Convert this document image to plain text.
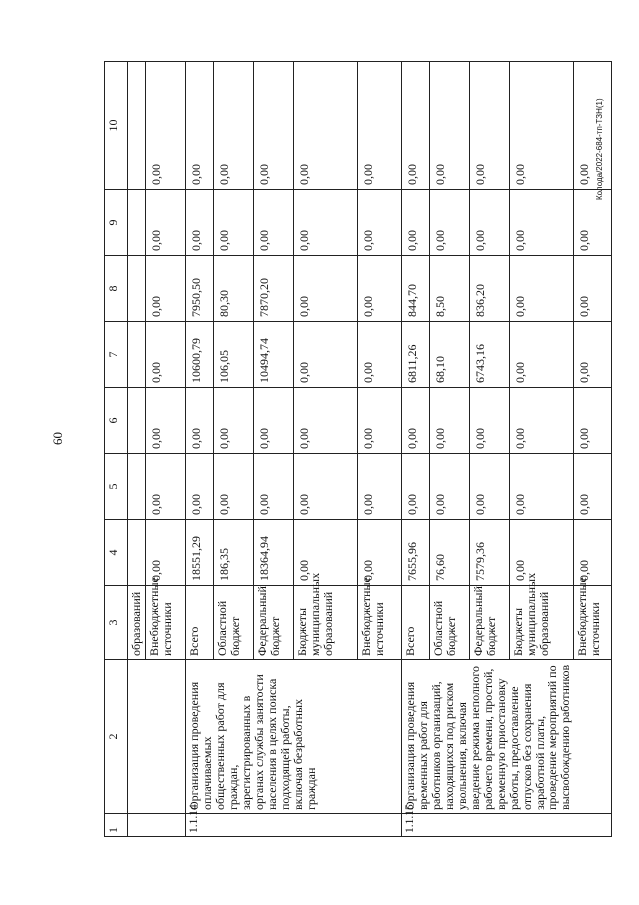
60
Колода/2022-684-тп-ТЗН(1)
1	2	3	4	5	6	7	8	9	10
		образований							
		Внебюджетные источники	0,00	0,00	0,00	0,00	0,00	0,00	0,00
1.1.14	Организация проведения оплачиваемых общественных работ для граждан, зарегистрированных в органах службы занятости населения в целях поиска подходящей работы, включая безработных граждан	Всего	18551,29	0,00	0,00	10600,79	7950,50	0,00	0,00
		Областной бюджет	186,35	0,00	0,00	106,05	80,30	0,00	0,00
		Федеральный бюджет	18364,94	0,00	0,00	10494,74	7870,20	0,00	0,00
		Бюджеты муниципальных образований	0,00	0,00	0,00	0,00	0,00	0,00	0,00
		Внебюджетные источники	0,00	0,00	0,00	0,00	0,00	0,00	0,00
1.1.15	Организация проведения временных работ для работников организаций, находящихся под риском увольнения, включая введение режима неполного рабочего времени, простой, временную приостановку работы, предоставление отпусков без сохранения заработной платы, проведение мероприятий по высвобождению работников	Всего	7655,96	0,00	0,00	6811,26	844,70	0,00	0,00
		Областной бюджет	76,60	0,00	0,00	68,10	8,50	0,00	0,00
		Федеральный бюджет	7579,36	0,00	0,00	6743,16	836,20	0,00	0,00
		Бюджеты муниципальных образований	0,00	0,00	0,00	0,00	0,00	0,00	0,00
		Внебюджетные источники	0,00	0,00	0,00	0,00	0,00	0,00	0,00
